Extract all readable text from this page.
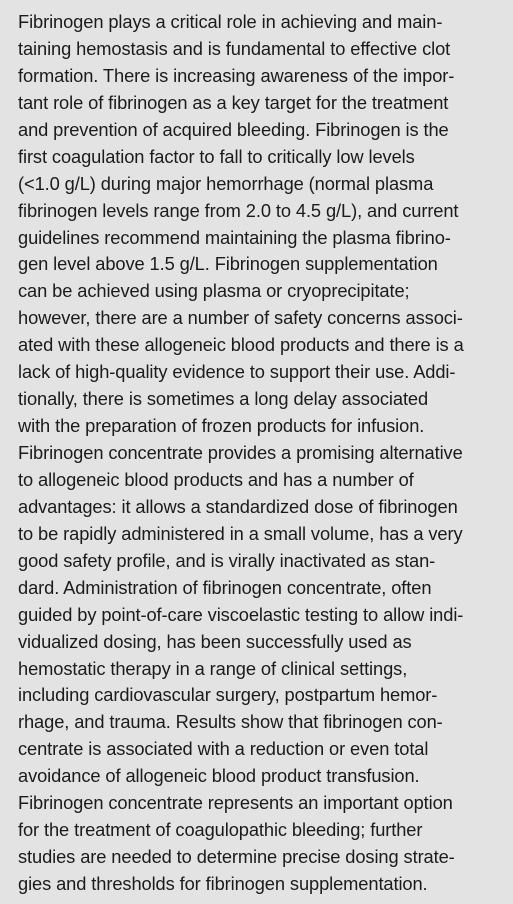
Fibrinogen plays a critical role in achieving and main-
taining hemostasis and is fundamental to effective clot
formation. There is increasing awareness of the impor-
tant role of fibrinogen as a key target for the treatment
and prevention of acquired bleeding. Fibrinogen is the
first coagulation factor to fall to critically low levels
(<1.0 g/L) during major hemorrhage (normal plasma
fibrinogen levels range from 2.0 to 4.5 g/L), and current
guidelines recommend maintaining the plasma fibrino-
gen level above 1.5 g/L. Fibrinogen supplementation
can be achieved using plasma or cryoprecipitate;
however, there are a number of safety concerns associ-
ated with these allogeneic blood products and there is a
lack of high-quality evidence to support their use. Addi-
tionally, there is sometimes a long delay associated
with the preparation of frozen products for infusion.
Fibrinogen concentrate provides a promising alternative
to allogeneic blood products and has a number of
advantages: it allows a standardized dose of fibrinogen
to be rapidly administered in a small volume, has a very
good safety profile, and is virally inactivated as stan-
dard. Administration of fibrinogen concentrate, often
guided by point-of-care viscoelastic testing to allow indi-
vidualized dosing, has been successfully used as
hemostatic therapy in a range of clinical settings,
including cardiovascular surgery, postpartum hemor-
rhage, and trauma. Results show that fibrinogen con-
centrate is associated with a reduction or even total
avoidance of allogeneic blood product transfusion.
Fibrinogen concentrate represents an important option
for the treatment of coagulopathic bleeding; further
studies are needed to determine precise dosing strate-
gies and thresholds for fibrinogen supplementation.
